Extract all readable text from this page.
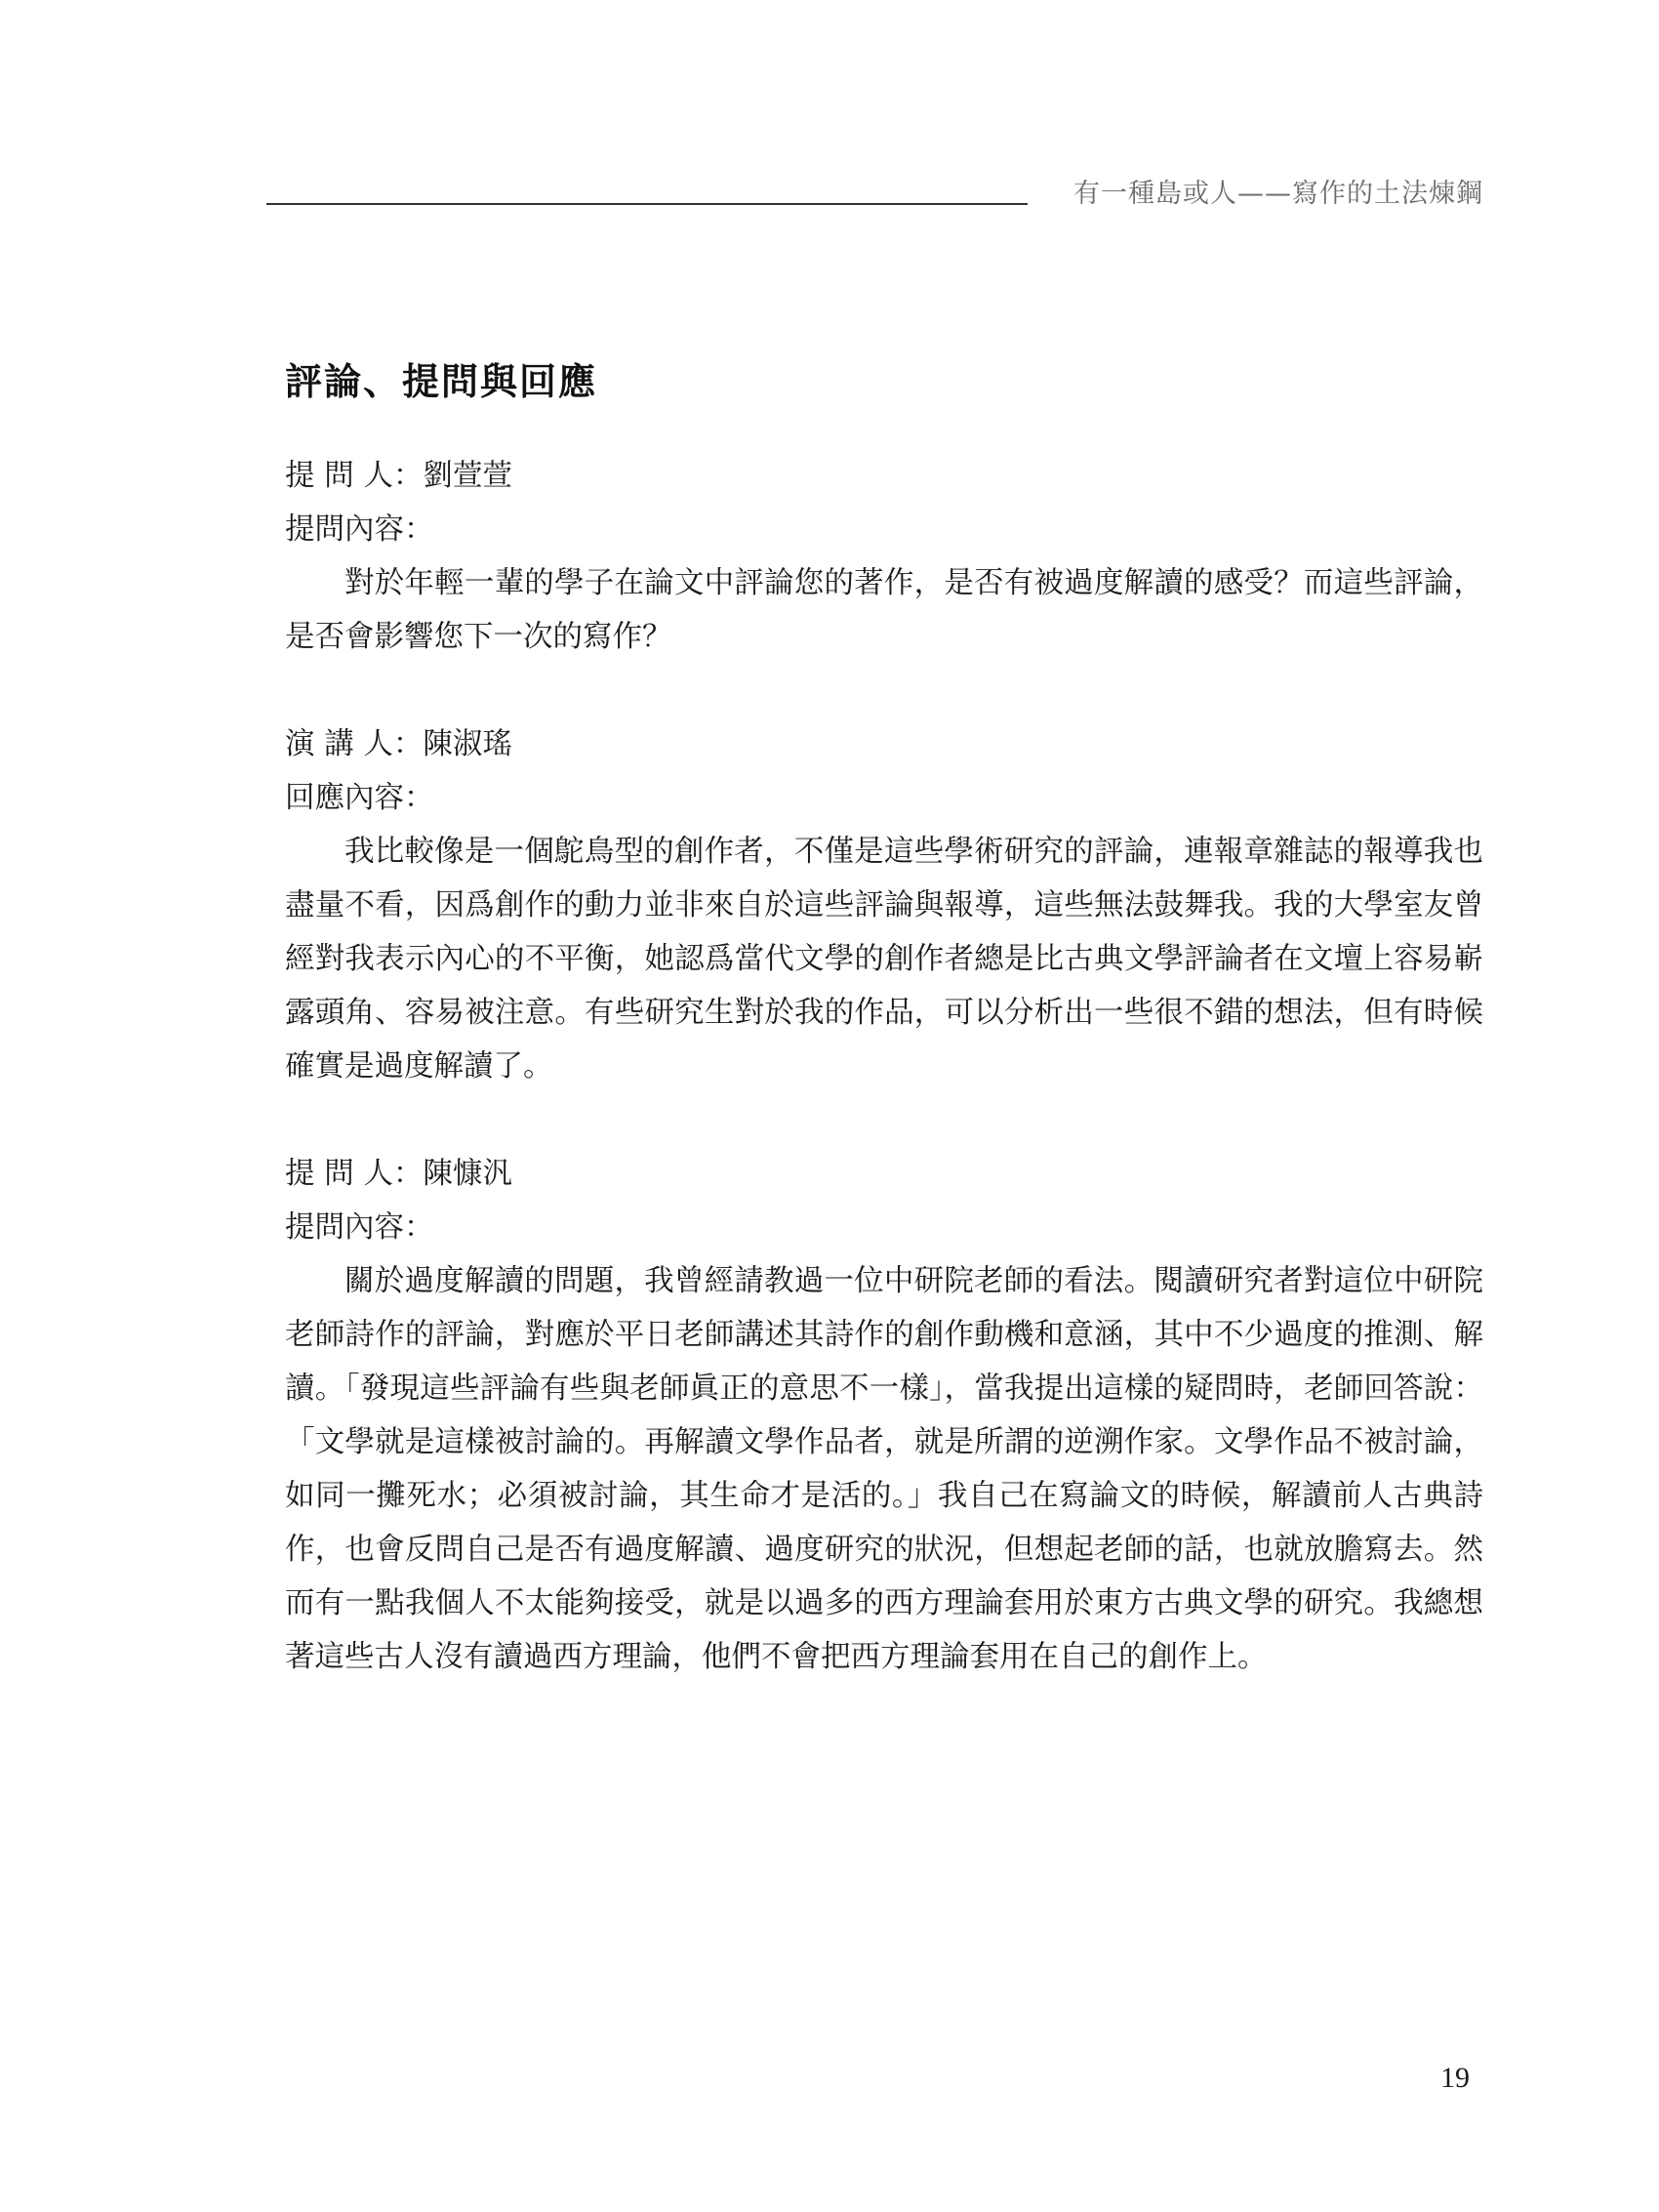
有一種島或人——寫作的土法煉鋼
評論、提問與回應

提 問 人：劉萱萱

提問內容：

對於年輕一輩的學子在論文中評論您的著作，是否有被過度解讀的感受？而這些評論，是否會影響您下一次的寫作？

演 講 人：陳淑瑤

回應內容：

我比較像是一個鴕鳥型的創作者，不僅是這些學術研究的評論，連報章雜誌的報導我也盡量不看，因爲創作的動力並非來自於這些評論與報導，這些無法鼓舞我。我的大學室友曾經對我表示內心的不平衡，她認爲當代文學的創作者總是比古典文學評論者在文壇上容易嶄露頭角、容易被注意。有些研究生對於我的作品，可以分析出一些很不錯的想法，但有時候確實是過度解讀了。

提 問 人：陳慷汎

提問內容：

關於過度解讀的問題，我曾經請教過一位中研院老師的看法。閱讀研究者對這位中研院老師詩作的評論，對應於平日老師講述其詩作的創作動機和意涵，其中不少過度的推測、解讀。「發現這些評論有些與老師眞正的意思不一樣」，當我提出這樣的疑問時，老師回答說：「文學就是這樣被討論的。再解讀文學作品者，就是所謂的逆溯作家。文學作品不被討論，如同一攤死水；必須被討論，其生命才是活的。」我自己在寫論文的時候，解讀前人古典詩作，也會反問自己是否有過度解讀、過度研究的狀況，但想起老師的話，也就放膽寫去。然而有一點我個人不太能夠接受，就是以過多的西方理論套用於東方古典文學的研究。我總想著這些古人沒有讀過西方理論，他們不會把西方理論套用在自己的創作上。

19
